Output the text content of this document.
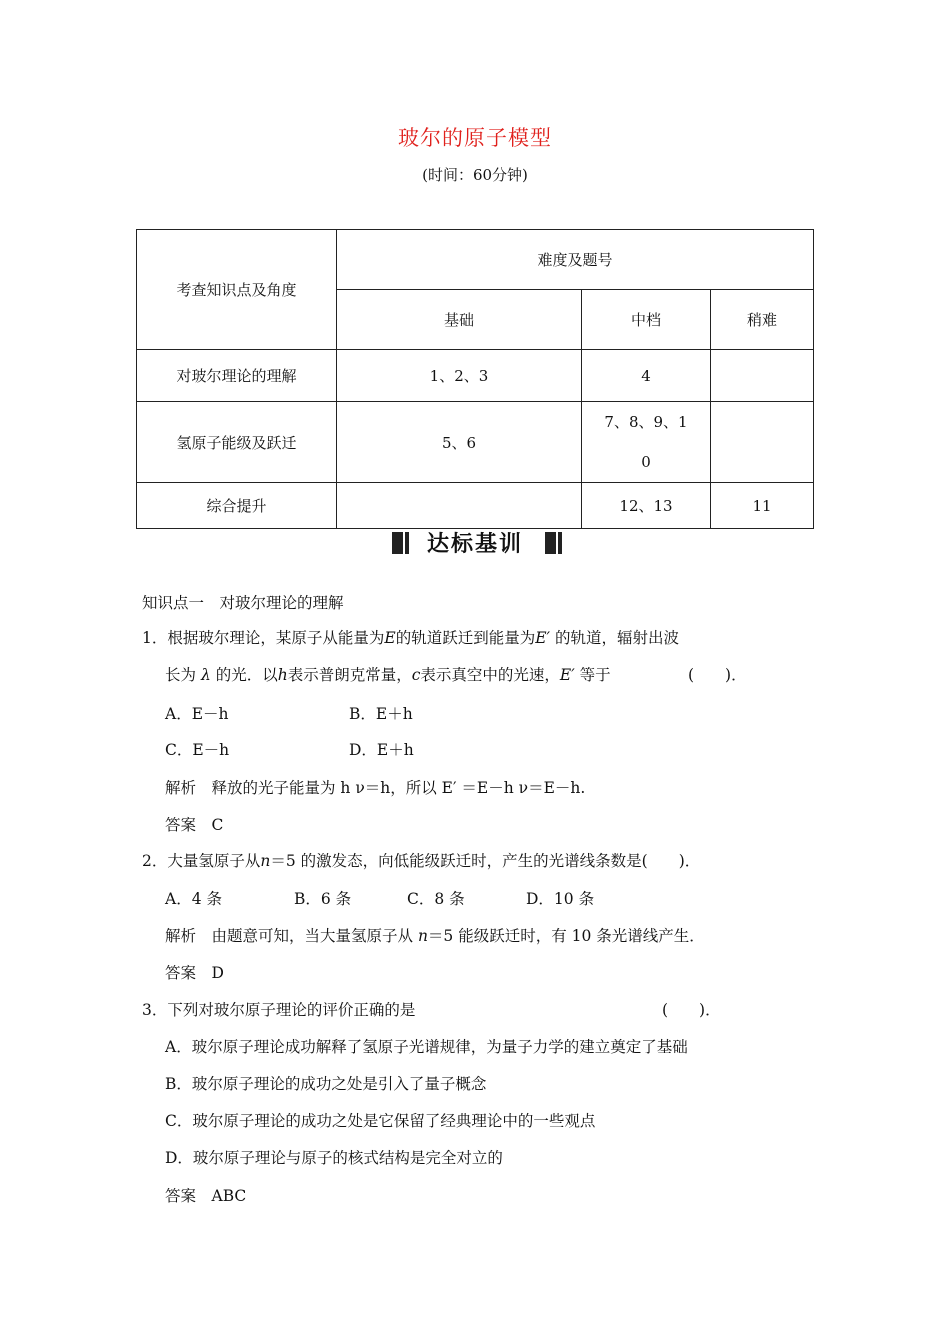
玻尔的原子模型
(时间：60分钟)
考查知识点及角度	难度及题号		
	基础	中档	稍难
对玻尔理论的理解	1、2、3	4	
氢原子能级及跃迁	5、6	7、8、9、1
0	

综合提升		12、13	11
达标基训
知识点一　对玻尔理论的理解
1．根据玻尔理论，某原子从能量为E的轨道跃迁到能量为E′ 的轨道，辐射出波
长为 λ 的光．以h表示普朗克常量，c表示真空中的光速，E′ 等于	(　　)．
A．E－h	B．E＋h
C．E－h	D．E＋h
解析　释放的光子能量为 h ν＝h，所以 E′ ＝E－h ν＝E－h.
答案　C
2．大量氢原子从n＝5 的激发态，向低能级跃迁时，产生的光谱线条数是(　　)．
A．4 条	B．6 条	C．8 条	D．10 条
解析　由题意可知，当大量氢原子从 n＝5 能级跃迁时，有 10 条光谱线产生．
答案　D
3．下列对玻尔原子理论的评价正确的是	(　　)．
A．玻尔原子理论成功解释了氢原子光谱规律，为量子力学的建立奠定了基础
B．玻尔原子理论的成功之处是引入了量子概念
C．玻尔原子理论的成功之处是它保留了经典理论中的一些观点
D．玻尔原子理论与原子的核式结构是完全对立的
答案　ABC
